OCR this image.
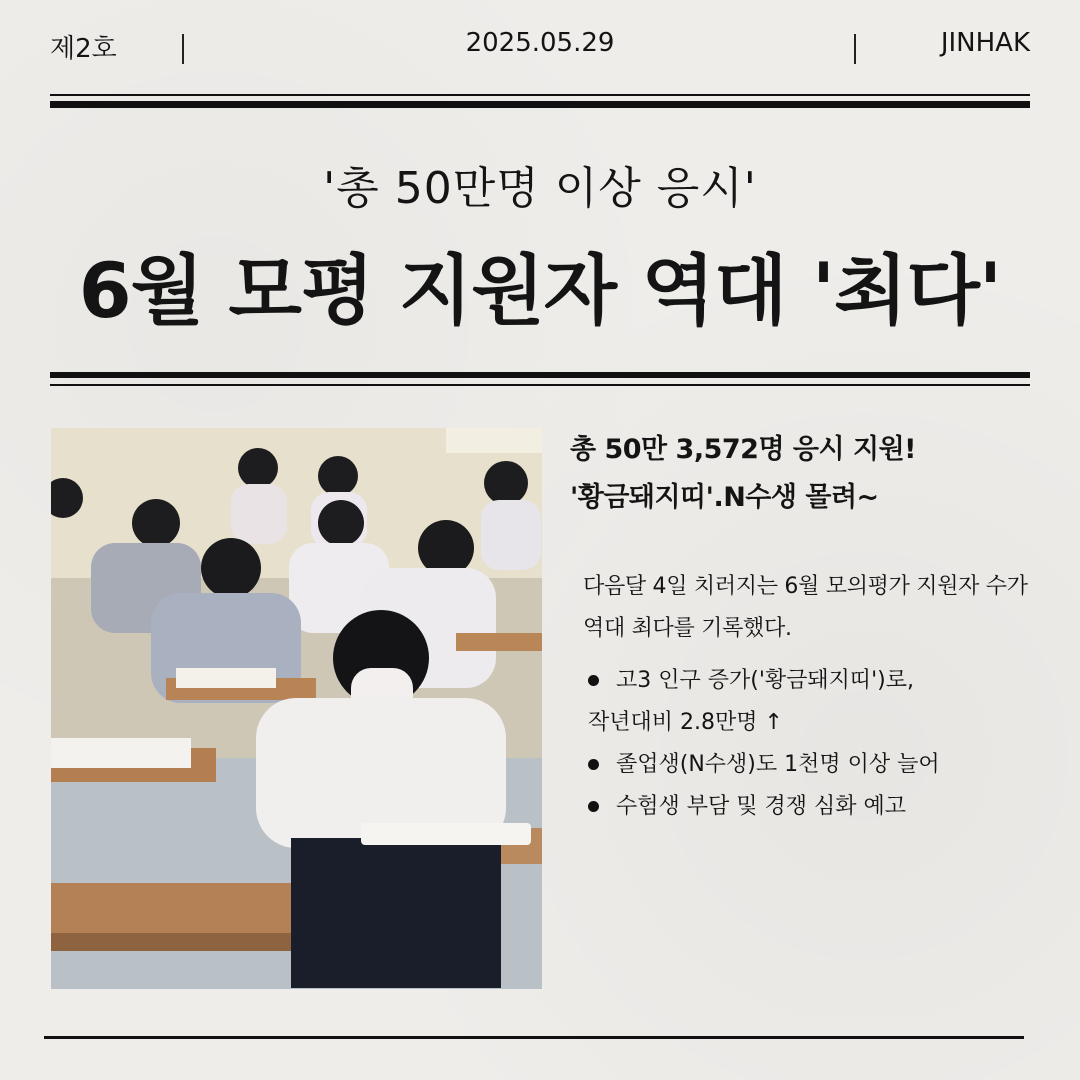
제2호	2025.05.29	JINHAK
'총 50만명 이상 응시'
6월 모평 지원자 역대 '최다'
총 50만 3,572명 응시 지원!
'황금돼지띠'.N수생 몰려~
다음달 4일 치러지는 6월 모의평가 지원자 수가 역대 최다를 기록했다.
고3 인구 증가('황금돼지띠')로,
작년대비 2.8만명 ↑
졸업생(N수생)도 1천명 이상 늘어
수험생 부담 및 경쟁 심화 예고
